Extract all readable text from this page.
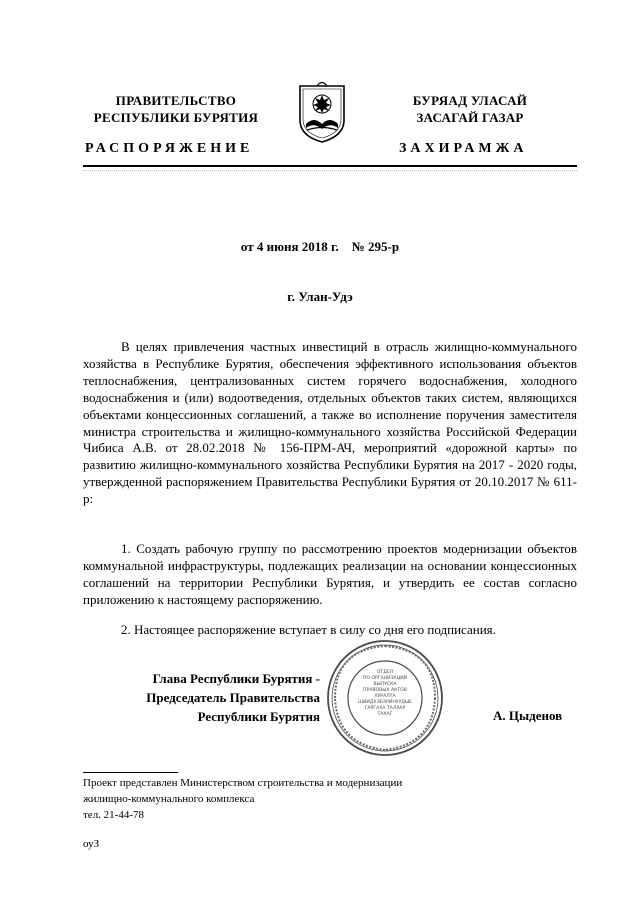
ПРАВИТЕЛЬСТВО
РЕСПУБЛИКИ БУРЯТИЯ
БУРЯАД УЛАСАЙ
ЗАСАГАЙ ГАЗАР
РАСПОРЯЖЕНИЕ	ЗАХИРАМЖА
от 4 июня 2018 г. № 295-р
г. Улан-Удэ
В целях привлечения частных инвестиций в отрасль жилищно-коммунального хозяйства в Республике Бурятия, обеспечения эффективного использования объектов теплоснабжения, централизованных систем горячего водоснабжения, холодного водоснабжения и (или) водоотведения, отдельных объектов таких систем, являющихся объектами концессионных соглашений, а также во исполнение поручения заместителя министра строительства и жилищно-коммунального хозяйства Российской Федерации Чибиса А.В. от 28.02.2018 № 156-ПРМ-АЧ, мероприятий «дорожной карты» по развитию жилищно-коммунального хозяйства Республики Бурятия на 2017 - 2020 годы, утвержденной распоряжением Правительства Республики Бурятия от 20.10.2017 № 611-р:
1. Создать рабочую группу по рассмотрению проектов модернизации объектов коммунальной инфраструктуры, подлежащих реализации на основании концессионных соглашений на территории Республики Бурятия, и утвердить ее состав согласно приложению к настоящему распоряжению.
2. Настоящее распоряжение вступает в силу со дня его подписания.
Глава Республики Бурятия -
Председатель Правительства
Республики Бурятия
ОТДЕЛ
ПО ОРГАНИЗАЦИИ
ВЫПУСКА
ПРАВОВЫХ АКТОВ
ХУРАЛТА
ШИИДХЭБЭРИНУУДЫЕ
ГАРГАХА ТАЛААР
ТАХАГ	А. Цыденов
Проект представлен Министерством строительства и модернизации
жилищно-коммунального комплекса
тел. 21-44-78
оуЗ
